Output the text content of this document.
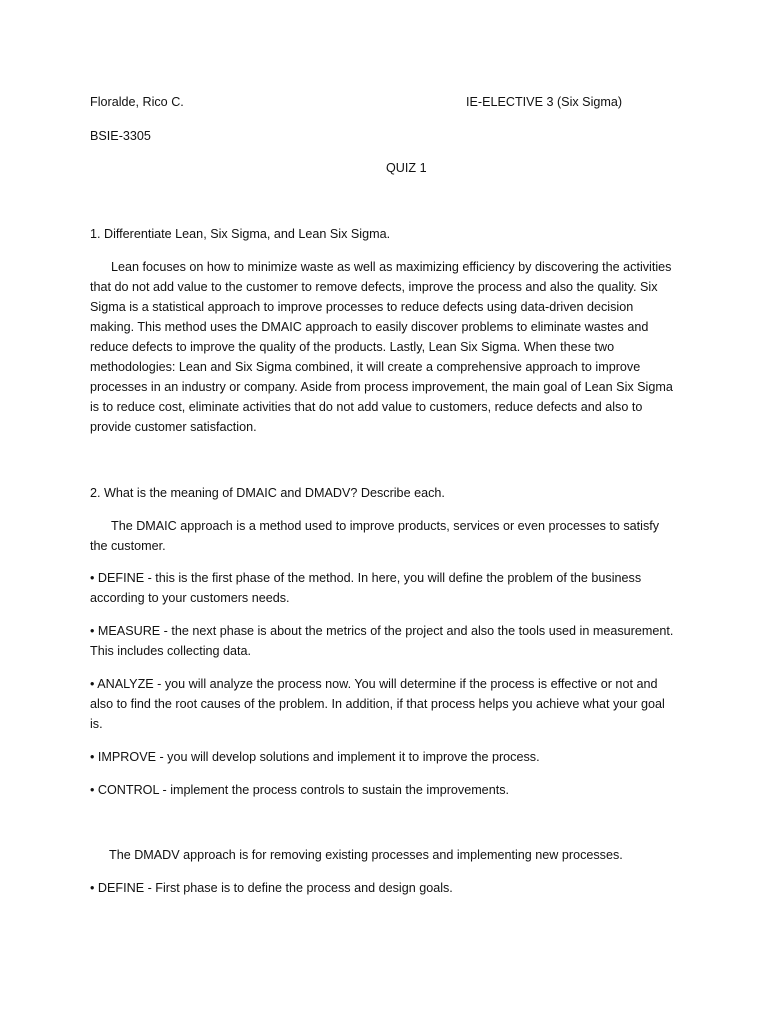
Floralde, Rico C.	IE-ELECTIVE 3 (Six Sigma)
BSIE-3305
QUIZ 1
1. Differentiate Lean, Six Sigma, and Lean Six Sigma.
Lean focuses on how to minimize waste as well as maximizing efficiency by discovering the activities
that do not add value to the customer to remove defects, improve the process and also the quality. Six
Sigma is a statistical approach to improve processes to reduce defects using data-driven decision
making. This method uses the DMAIC approach to easily discover problems to eliminate wastes and
reduce defects to improve the quality of the products. Lastly, Lean Six Sigma. When these two
methodologies: Lean and Six Sigma combined, it will create a comprehensive approach to improve
processes in an industry or company. Aside from process improvement, the main goal of Lean Six Sigma
is to reduce cost, eliminate activities that do not add value to customers, reduce defects and also to
provide customer satisfaction.
2. What is the meaning of DMAIC and DMADV? Describe each.
The DMAIC approach is a method used to improve products, services or even processes to satisfy
the customer.
• DEFINE - this is the first phase of the method. In here, you will define the problem of the business
according to your customers needs.
• MEASURE - the next phase is about the metrics of the project and also the tools used in measurement.
This includes collecting data.
• ANALYZE - you will analyze the process now. You will determine if the process is effective or not and
also to find the root causes of the problem. In addition, if that process helps you achieve what your goal
is.
• IMPROVE - you will develop solutions and implement it to improve the process.
• CONTROL - implement the process controls to sustain the improvements.
The DMADV approach is for removing existing processes and implementing new processes.
• DEFINE - First phase is to define the process and design goals.
